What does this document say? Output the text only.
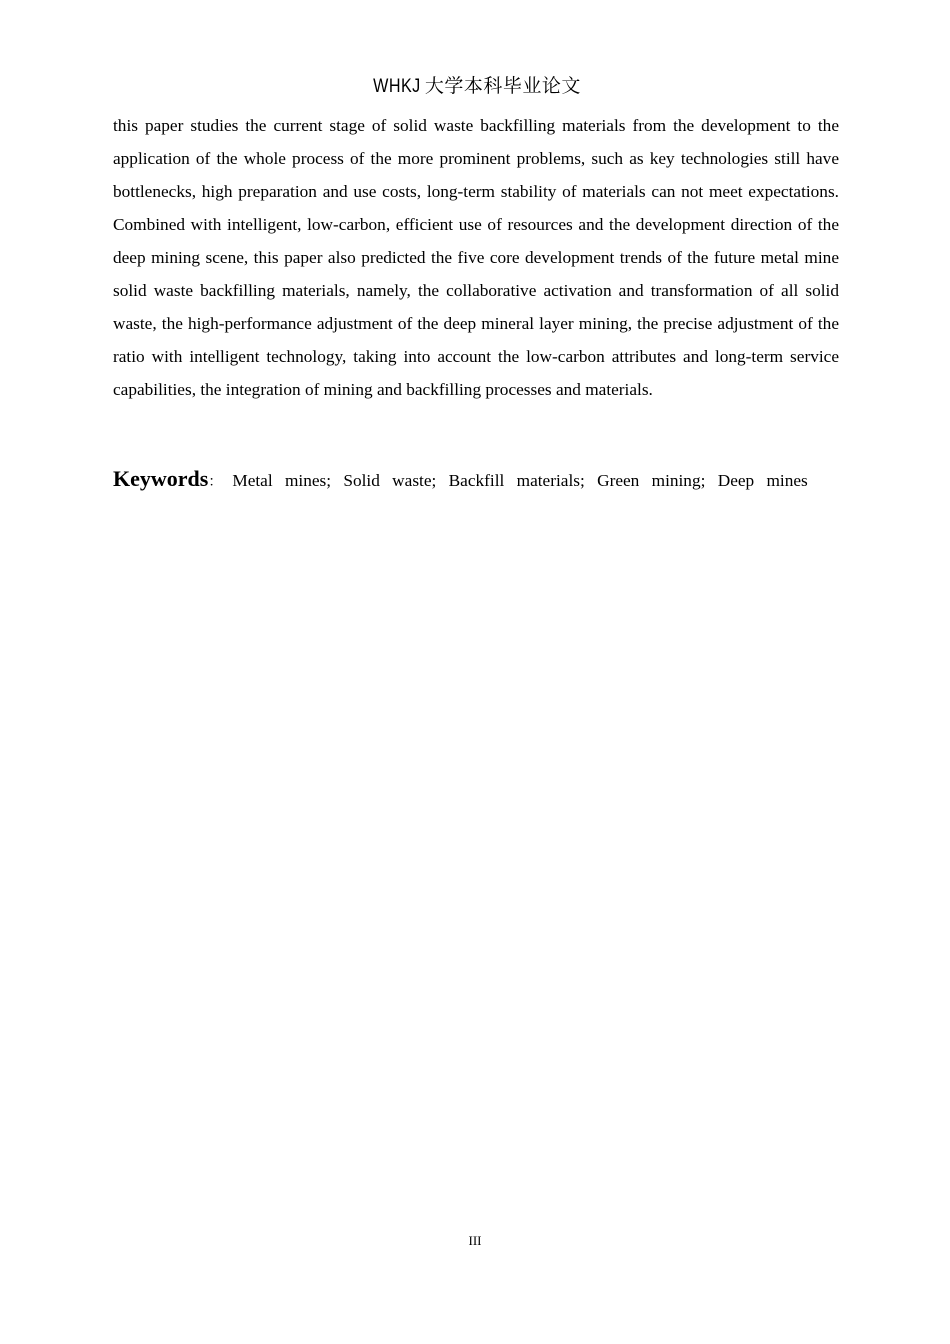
WHKJ 大学本科毕业论文

this paper studies the current stage of solid waste backfilling materials from the development to the application of the whole process of the more prominent problems, such as key technologies still have bottlenecks, high preparation and use costs, long-term stability of materials can not meet expectations. Combined with intelligent, low-carbon, efficient use of resources and the development direction of the deep mining scene, this paper also predicted the five core development trends of the future metal mine solid waste backfilling materials, namely, the collaborative activation and transformation of all solid waste, the high-performance adjustment of the deep mineral layer mining, the precise adjustment of the ratio with intelligent technology, taking into account the low-carbon attributes and long-term service capabilities, the integration of mining and backfilling processes and materials.

Keywords： Metal mines; Solid waste; Backfill materials; Green mining; Deep mines

III
